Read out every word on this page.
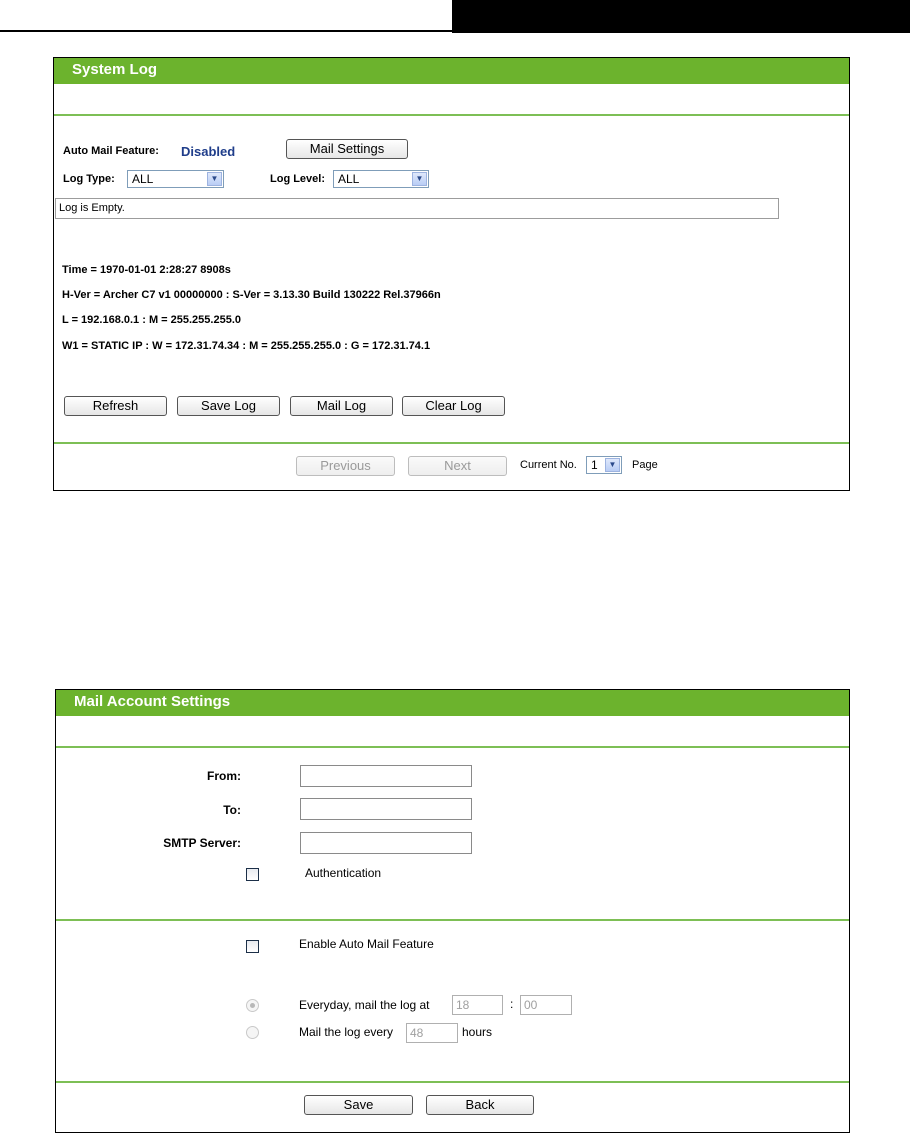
System Log
Auto Mail Feature: Disabled	Mail Settings
Log Type: ALL	▼	Log Level: ALL	▼
Log is Empty.
Time = 1970-01-01 2:28:27 8908s
H-Ver = Archer C7 v1 00000000 : S-Ver = 3.13.30 Build 130222 Rel.37966n
L = 192.168.0.1 : M = 255.255.255.0
W1 = STATIC IP : W = 172.31.74.34 : M = 255.255.255.0 : G = 172.31.74.1
Refresh	Save Log	Mail Log	Clear Log
Previous	Next	Current No. 1	▼	Page
Mail Account Settings
From:
To:
SMTP Server:
Authentication
Enable Auto Mail Feature
Everyday, mail the log at	18	: 00
Mail the log every	48	hours
Save	Back
